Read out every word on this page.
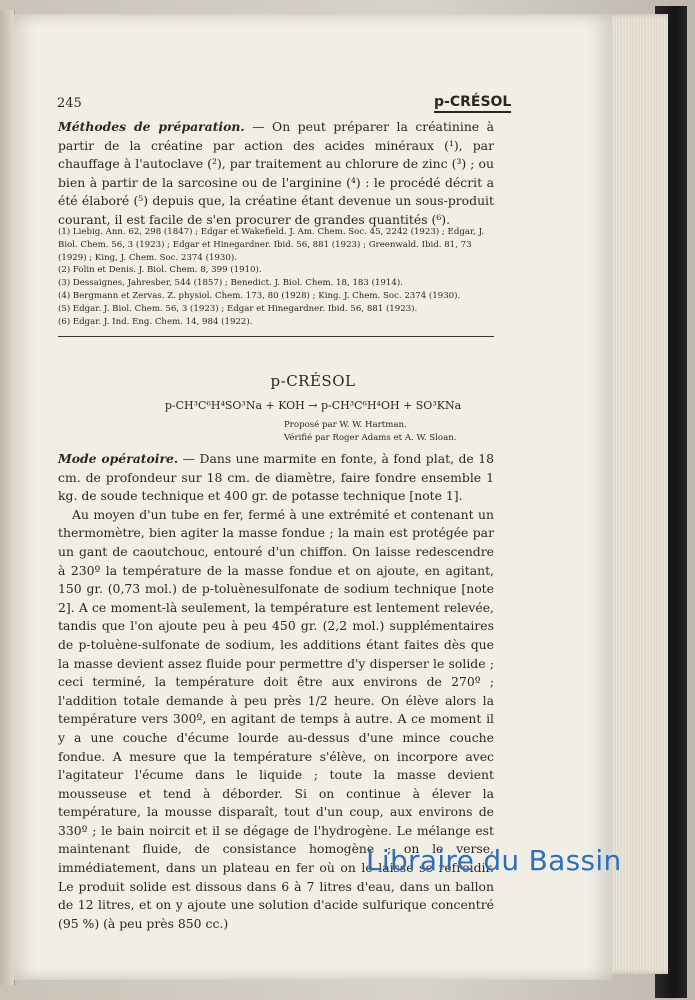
245	p-CRÉSOL

Méthodes de préparation. — On peut préparer la créatinine à partir de la créatine par action des acides minéraux (¹), par chauffage à l'autoclave (²), par traitement au chlorure de zinc (³) ; ou bien à partir de la sarcosine ou de l'arginine (⁴) : le procédé décrit a été élaboré (⁵) depuis que, la créatine étant devenue un sous-produit courant, il est facile de s'en procurer de grandes quantités (⁶).

(1) Liebig. Ann. 62, 298 (1847) ; Edgar et Wakefield. J. Am. Chem. Soc. 45, 2242 (1923) ; Edgar, J. Biol. Chem. 56, 3 (1923) ; Edgar et Hinegardner. Ibid. 56, 881 (1923) ; Greenwald. Ibid. 81, 73 (1929) ; King, J. Chem. Soc. 2374 (1930).

(2) Folin et Denis. J. Biol. Chem. 8, 399 (1910).

(3) Dessaignes, Jahresber, 544 (1857) ; Benedict. J. Biol. Chem. 18, 183 (1914).

(4) Bergmann et Zervas. Z. physiol. Chem. 173, 80 (1928) ; King. J. Chem. Soc. 2374 (1930).

(5) Edgar. J. Biol. Chem. 56, 3 (1923) ; Edgar et Hinegardner. Ibid. 56, 881 (1923).

(6) Edgar. J. Ind. Eng. Chem. 14, 984 (1922).

p-CRÉSOL
p-CH³C⁶H⁴SO³Na + KOH → p-CH³C⁶H⁴OH + SO³KNa
Proposé par W. W. Hartman.
Vérifié par Roger Adams et A. W. Sloan.

Mode opératoire. — Dans une marmite en fonte, à fond plat, de 18 cm. de profondeur sur 18 cm. de diamètre, faire fondre ensemble 1 kg. de soude technique et 400 gr. de potasse technique [note 1].

Au moyen d'un tube en fer, fermé à une extrémité et contenant un thermomètre, bien agiter la masse fondue ; la main est protégée par un gant de caoutchouc, entouré d'un chiffon. On laisse redescendre à 230º la température de la masse fondue et on ajoute, en agitant, 150 gr. (0,73 mol.) de p-toluènesulfonate de sodium technique [note 2]. A ce moment-là seulement, la température est lentement relevée, tandis que l'on ajoute peu à peu 450 gr. (2,2 mol.) supplémentaires de p-toluène-sulfonate de sodium, les additions étant faites dès que la masse devient assez fluide pour permettre d'y disperser le solide ; ceci terminé, la température doit être aux environs de 270º ; l'addition totale demande à peu près 1/2 heure. On élève alors la température vers 300º, en agitant de temps à autre. A ce moment il y a une couche d'écume lourde au-dessus d'une mince couche fondue. A mesure que la température s'élève, on incorpore avec l'agitateur l'écume dans le liquide ; toute la masse devient mousseuse et tend à déborder. Si on continue à élever la température, la mousse disparaît, tout d'un coup, aux environs de 330º ; le bain noircit et il se dégage de l'hydrogène. Le mélange est maintenant fluide, de consistance homogène ; on le verse, immédiatement, dans un plateau en fer où on le laisse se refroidir. Le produit solide est dissous dans 6 à 7 litres d'eau, dans un ballon de 12 litres, et on y ajoute une solution d'acide sulfurique concentré (95 %) (à peu près 850 cc.)

Libraire du Bassin
